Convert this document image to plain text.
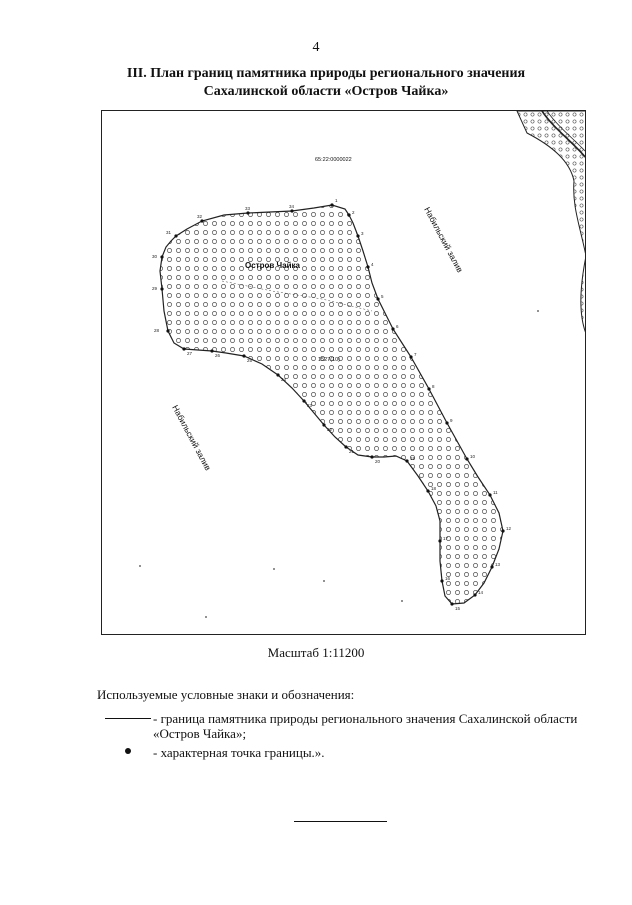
4
III. План границ памятника природы регионального значения
Сахалинской области «Остров Чайка»
1
2
3
4
5
6
7
8
9
10
11
12
13
14
15
16
17
18
19
20
21
22
23
24
25
26
27
28
29
30
31
32
33	34
65:22:0000022
Остров Чайка
1527(10)
Набильский залив
Набильский залив
Масштаб 1:11200
Используемые условные знаки и обозначения:
- граница памятника природы регионального значения Сахалинской области «Остров Чайка»;
- характерная точка границы.».
